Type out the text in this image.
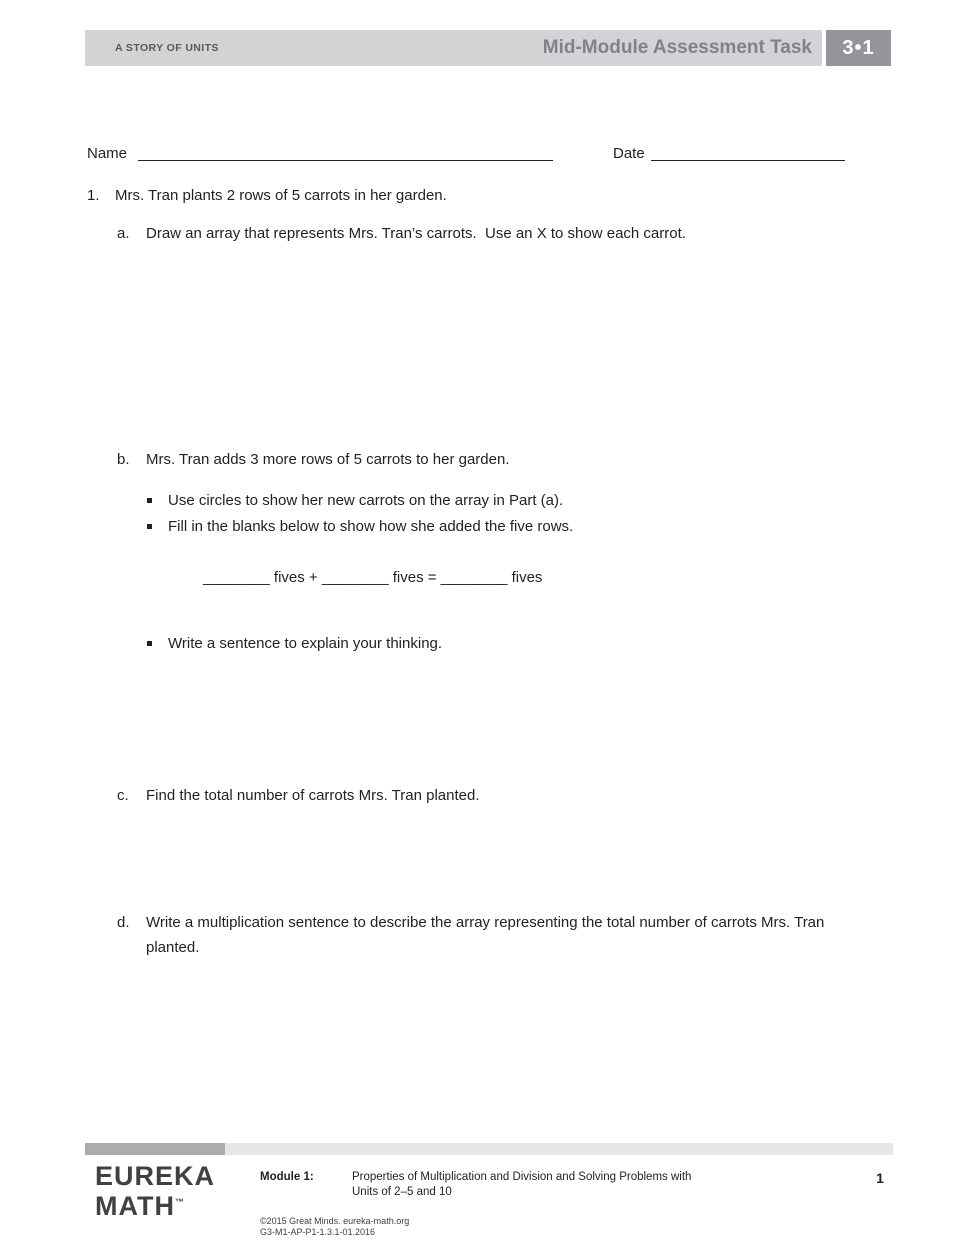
A STORY OF UNITS	Mid-Module Assessment Task	3•1
Name	Date
1.	Mrs. Tran plants 2 rows of 5 carrots in her garden.
a.	Draw an array that represents Mrs. Tran’s carrots.  Use an X to show each carrot.
b.	Mrs. Tran adds 3 more rows of 5 carrots to her garden.
Use circles to show her new carrots on the array in Part (a).
Fill in the blanks below to show how she added the five rows.
________ fives + ________ fives = ________ fives
Write a sentence to explain your thinking.
c.	Find the total number of carrots Mrs. Tran planted.
d.	Write a multiplication sentence to describe the array representing the total number of carrots Mrs. Tran planted.
EUREKA
MATH™
Module 1:	Properties of Multiplication and Division and Solving Problems with
Units of 2–5 and 10
1
©2015 Great Minds. eureka-math.org
G3-M1-AP-P1-1.3.1-01.2016
